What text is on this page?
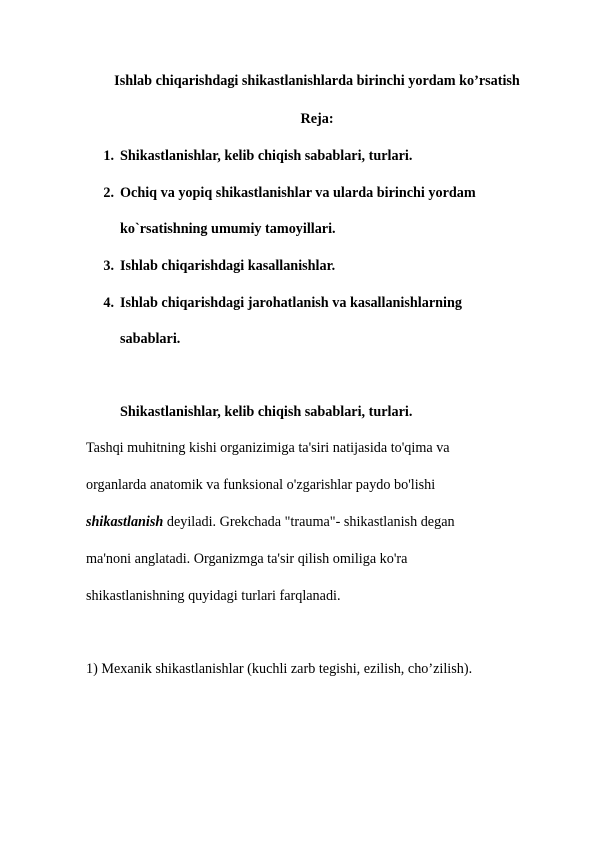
Ishlab chiqarishdagi shikastlanishlarda birinchi yordam ko’rsatish
Reja:
1. Shikastlanishlar, kelib chiqish sabablari, turlari.
2. Ochiq va yopiq shikastlanishlar va ularda birinchi yordam
ko`rsatishning umumiy tamoyillari.
3. Ishlab chiqarishdagi kasallanishlar.
4. Ishlab chiqarishdagi jarohatlanish va kasallanishlarning
sabablari.
Shikastlanishlar, kelib chiqish sabablari, turlari.
Tashqi muhitning kishi organizimiga ta'siri natijasida to'qima va
organlarda anatomik va funksional o'zgarishlar paydo bo'lishi
shikastlanish deyiladi. Grekchada "trauma"- shikastlanish degan
ma'noni anglatadi. Organizmga ta'sir qilish omiliga ko'ra
shikastlanishning quyidagi turlari farqlanadi.
1) Mexanik shikastlanishlar (kuchli zarb tegishi, ezilish, cho’zilish).
